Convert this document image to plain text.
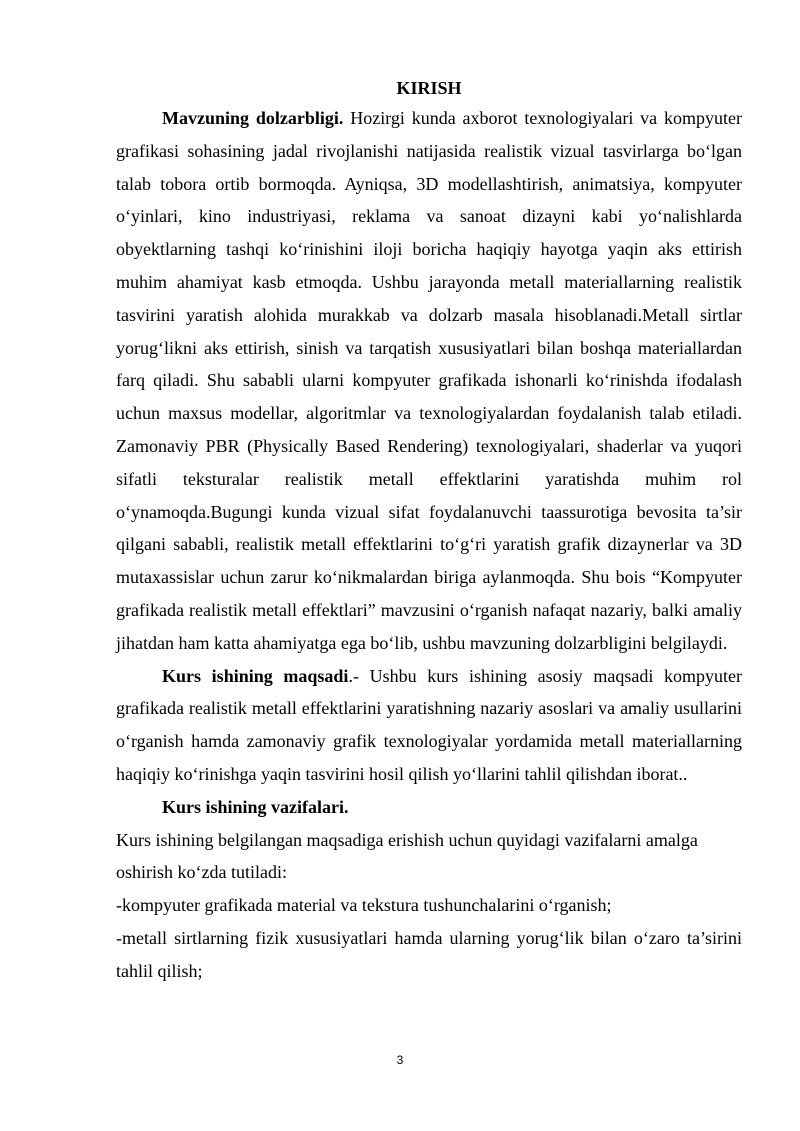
KIRISH

Mavzuning dolzarbligi. Hozirgi kunda axborot texnologiyalari va kompyuter grafikasi sohasining jadal rivojlanishi natijasida realistik vizual tasvirlarga bo‘lgan talab tobora ortib bormoqda. Ayniqsa, 3D modellashtirish, animatsiya, kompyuter o‘yinlari, kino industriyasi, reklama va sanoat dizayni kabi yo‘nalishlarda obyektlarning tashqi ko‘rinishini iloji boricha haqiqiy hayotga yaqin aks ettirish muhim ahamiyat kasb etmoqda. Ushbu jarayonda metall materiallarning realistik tasvirini yaratish alohida murakkab va dolzarb masala hisoblanadi.Metall sirtlar yorug‘likni aks ettirish, sinish va tarqatish xususiyatlari bilan boshqa materiallardan farq qiladi. Shu sababli ularni kompyuter grafikada ishonarli ko‘rinishda ifodalash uchun maxsus modellar, algoritmlar va texnologiyalardan foydalanish talab etiladi. Zamonaviy PBR (Physically Based Rendering) texnologiyalari, shaderlar va yuqori sifatli teksturalar realistik metall effektlarini yaratishda muhim rol o‘ynamoqda.Bugungi kunda vizual sifat foydalanuvchi taassurotiga bevosita ta’sir qilgani sababli, realistik metall effektlarini to‘g‘ri yaratish grafik dizaynerlar va 3D mutaxassislar uchun zarur ko‘nikmalardan biriga aylanmoqda. Shu bois “Kompyuter grafikada realistik metall effektlari” mavzusini o‘rganish nafaqat nazariy, balki amaliy jihatdan ham katta ahamiyatga ega bo‘lib, ushbu mavzuning dolzarbligini belgilaydi.

Kurs ishining maqsadi.- Ushbu kurs ishining asosiy maqsadi kompyuter grafikada realistik metall effektlarini yaratishning nazariy asoslari va amaliy usullarini o‘rganish hamda zamonaviy grafik texnologiyalar yordamida metall materiallarning haqiqiy ko‘rinishga yaqin tasvirini hosil qilish yo‘llarini tahlil qilishdan iborat..

Kurs ishining vazifalari.

Kurs ishining belgilangan maqsadiga erishish uchun quyidagi vazifalarni amalga oshirish ko‘zda tutiladi:

-kompyuter grafikada material va tekstura tushunchalarini o‘rganish;

-metall sirtlarning fizik xususiyatlari hamda ularning yorug‘lik bilan o‘zaro ta’sirini tahlil qilish;

3
